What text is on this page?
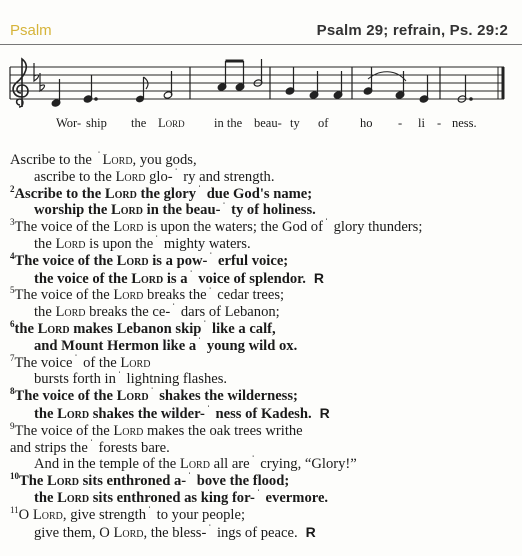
Psalm	Psalm 29; refrain, Ps. 29:2
Wor- ship the Lord in the beau- ty of	ho - li - ness.
Ascribe to the $^ˈ$ Lord, you gods,
ascribe to the Lord glo- $^ˈ$ ry and strength.
$^2$Ascribe to the Lord the glory $^ˈ$ due God's name;
worship the Lord in the beau- $^ˈ$ ty of holiness.
$^3$The voice of the Lord is upon the waters; the God of $^ˈ$ glory thunders;
the Lord is upon the $^ˈ$ mighty waters.
$^4$The voice of the Lord is a pow- $^ˈ$ erful voice;
the voice of the Lord is a $^ˈ$ voice of splendor. R
$^5$The voice of the Lord breaks the $^ˈ$ cedar trees;
the Lord breaks the ce- $^ˈ$ dars of Lebanon;
$^6$the Lord makes Lebanon skip $^ˈ$ like a calf,
and Mount Hermon like a $^ˈ$ young wild ox.
$^7$The voice $^ˈ$ of the Lord
bursts forth in $^ˈ$ lightning flashes.
$^8$The voice of the Lord $^ˈ$ shakes the wilderness;
the Lord shakes the wilder- $^ˈ$ ness of Kadesh. R
$^9$The voice of the Lord makes the oak trees writhe
and strips the $^ˈ$ forests bare.
And in the temple of the Lord all are $^ˈ$ crying, “Glory!”
$^{10}$The Lord sits enthroned a- $^ˈ$ bove the flood;
the Lord sits enthroned as king for- $^ˈ$ evermore.
$^{11}$O Lord, give strength $^ˈ$ to your people;
give them, O Lord, the bless- $^ˈ$ ings of peace. R
